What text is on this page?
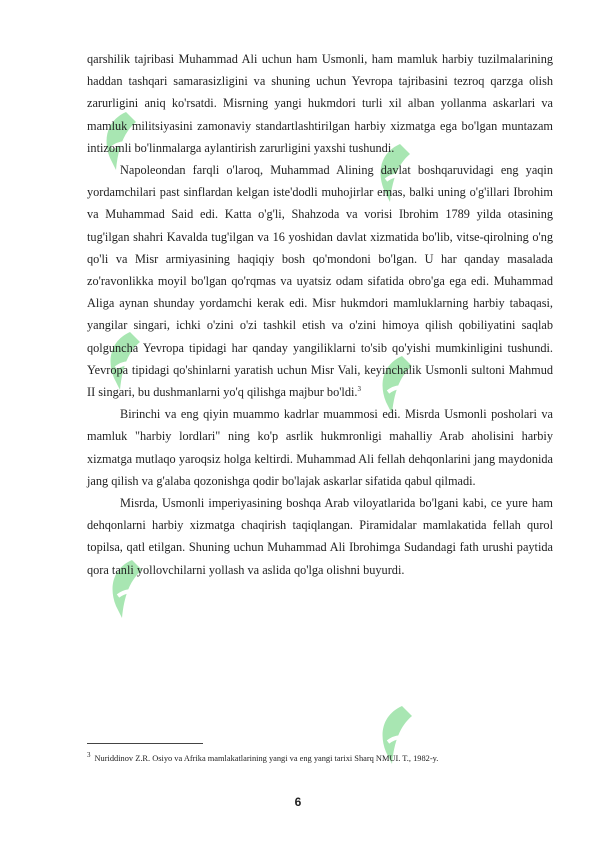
qarshilik tajribasi Muhammad Ali uchun ham Usmonli, ham mamluk harbiy tuzilmalarining haddan tashqari samarasizligini va shuning uchun Yevropa tajribasini tezroq qarzga olish zarurligini aniq ko'rsatdi. Misrning yangi hukmdori turli xil alban yollanma askarlari va mamluk militsiyasini zamonaviy standartlashtirilgan harbiy xizmatga ega bo'lgan muntazam intizomli bo'linmalarga aylantirish zarurligini yaxshi tushundi.

Napoleondan farqli o'laroq, Muhammad Alining davlat boshqaruvidagi eng yaqin yordamchilari past sinflardan kelgan iste'dodli muhojirlar emas, balki uning o'g'illari Ibrohim va Muhammad Said edi. Katta o'g'li, Shahzoda va vorisi Ibrohim 1789 yilda otasining tug'ilgan shahri Kavalda tug'ilgan va 16 yoshidan davlat xizmatida bo'lib, vitse-qirolning o'ng qo'li va Misr armiyasining haqiqiy bosh qo'mondoni bo'lgan. U har qanday masalada zo'ravonlikka moyil bo'lgan qo'rqmas va uyatsiz odam sifatida obro'ga ega edi. Muhammad Aliga aynan shunday yordamchi kerak edi. Misr hukmdori mamluklarning harbiy tabaqasi, yangilar singari, ichki o'zini o'zi tashkil etish va o'zini himoya qilish qobiliyatini saqlab qolguncha Yevropa tipidagi har qanday yangiliklarni to'sib qo'yishi mumkinligini tushundi. Yevropa tipidagi qo'shinlarni yaratish uchun Misr Vali, keyinchalik Usmonli sultoni Mahmud II singari, bu dushmanlarni yo'q qilishga majbur bo'ldi.$^3$

Birinchi va eng qiyin muammo kadrlar muammosi edi. Misrda Usmonli posholari va mamluk "harbiy lordlari" ning ko'p asrlik hukmronligi mahalliy Arab aholisini harbiy xizmatga mutlaqo yaroqsiz holga keltirdi. Muhammad Ali fellah dehqonlarini jang maydonida jang qilish va g'alaba qozonishga qodir bo'lajak askarlar sifatida qabul qilmadi.

Misrda, Usmonli imperiyasining boshqa Arab viloyatlarida bo'lgani kabi, ce yure ham dehqonlarni harbiy xizmatga chaqirish taqiqlangan. Piramidalar mamlakatida fellah qurol topilsa, qatl etilgan. Shuning uchun Muhammad Ali Ibrohimga Sudandagi fath urushi paytida qora tanli yollovchilarni yollash va aslida qo'lga olishni buyurdi.

$^3$ Nuriddinov Z.R. Osiyo va Afrika mamlakatlarining yangi va eng yangi tarixi Sharq NMUI. T., 1982-y.
6
